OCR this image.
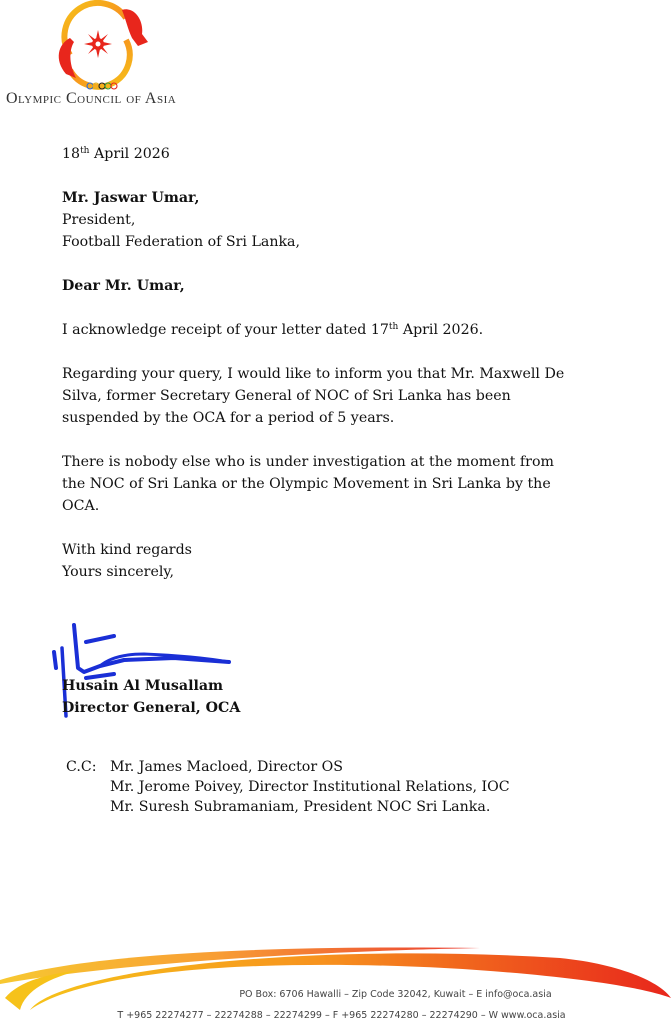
Olympic Council of Asia

18th April 2026

Mr. Jaswar Umar,

President,

Football Federation of Sri Lanka,

Dear Mr. Umar,

I acknowledge receipt of your letter dated 17th April 2026.

Regarding your query, I would like to inform you that Mr. Maxwell De

Silva, former Secretary General of NOC of Sri Lanka has been

suspended by the OCA for a period of 5 years.

There is nobody else who is under investigation at the moment from

the NOC of Sri Lanka or the Olympic Movement in Sri Lanka by the

OCA.

With kind regards

Yours sincerely,

Husain Al Musallam
Director General, OCA
C.C: Mr. James Macloed, Director OS
Mr. Jerome Poivey, Director Institutional Relations, IOC
Mr. Suresh Subramaniam, President NOC Sri Lanka.
PO Box: 6706 Hawalli – Zip Code 32042, Kuwait – E info@oca.asia
T +965 22274277 – 22274288 – 22274299 – F +965 22274280 – 22274290 – W www.oca.asia
